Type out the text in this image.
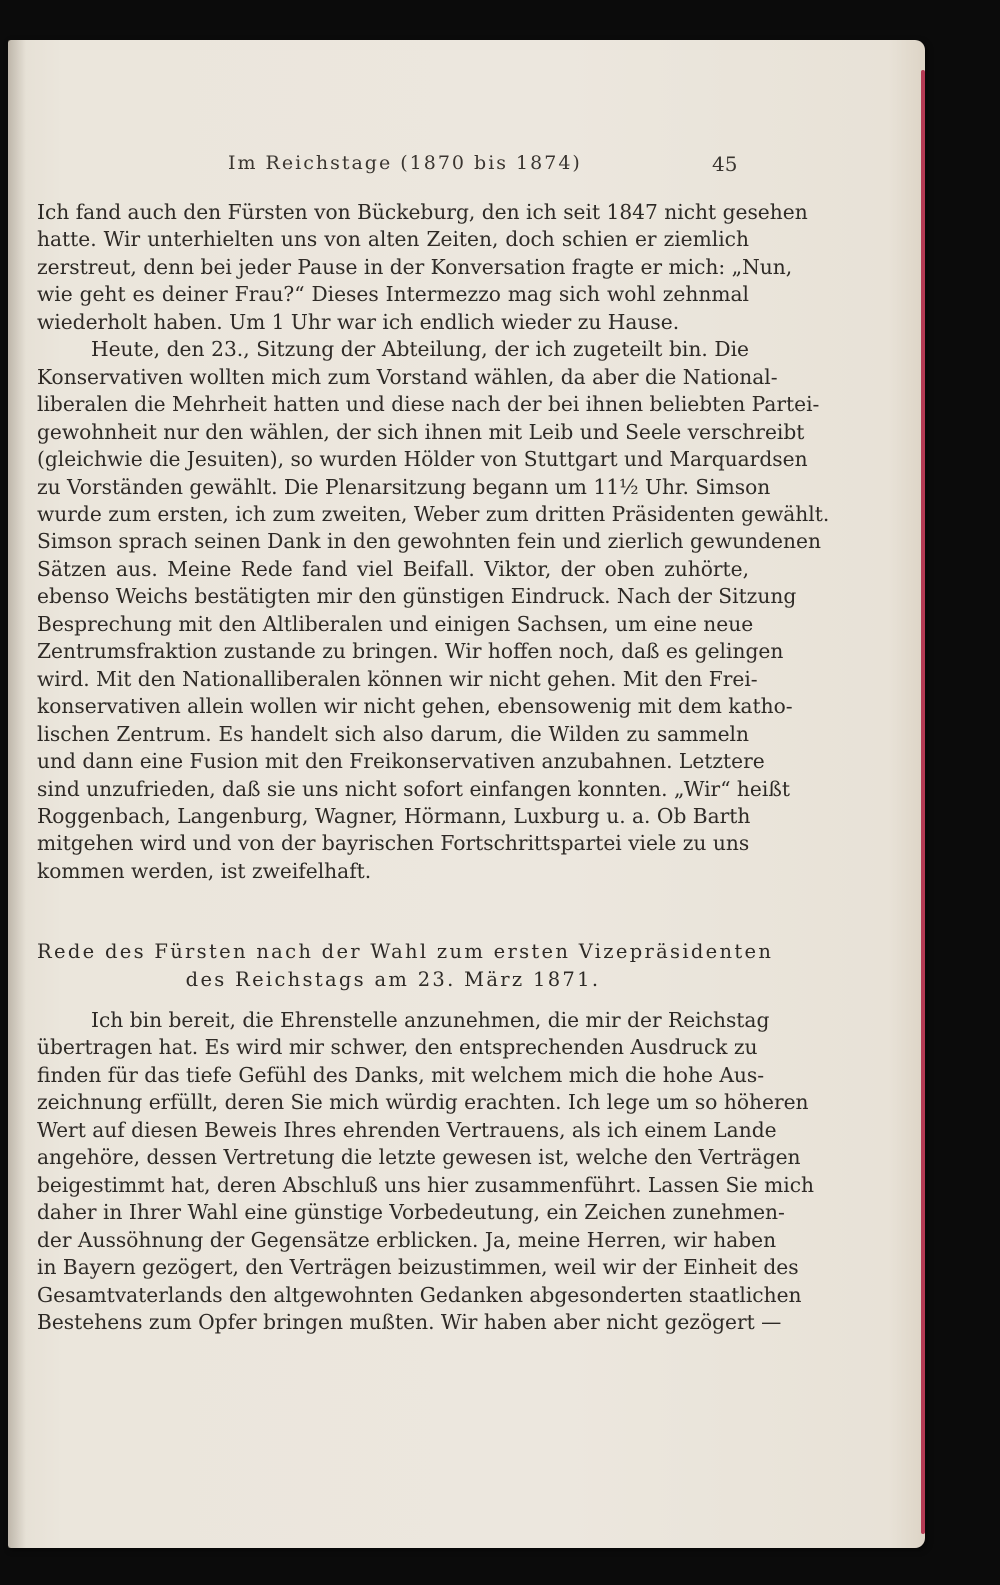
Im Reichstage (1870 bis 1874)	45
Ich fand auch den Fürsten von Bückeburg, den ich seit 1847 nicht gesehen
hatte. Wir unterhielten uns von alten Zeiten, doch schien er ziemlich
zerstreut, denn bei jeder Pause in der Konversation fragte er mich: „Nun,
wie geht es deiner Frau?“ Dieses Intermezzo mag sich wohl zehnmal
wiederholt haben. Um 1 Uhr war ich endlich wieder zu Hause.
Heute, den 23., Sitzung der Abteilung, der ich zugeteilt bin. Die
Konservativen wollten mich zum Vorstand wählen, da aber die National-
liberalen die Mehrheit hatten und diese nach der bei ihnen beliebten Partei-
gewohnheit nur den wählen, der sich ihnen mit Leib und Seele verschreibt
(gleichwie die Jesuiten), so wurden Hölder von Stuttgart und Marquardsen
zu Vorständen gewählt. Die Plenarsitzung begann um 11½ Uhr. Simson
wurde zum ersten, ich zum zweiten, Weber zum dritten Präsidenten gewählt.
Simson sprach seinen Dank in den gewohnten fein und zierlich gewundenen
Sätzen aus. Meine Rede fand viel Beifall. Viktor, der oben zuhörte,
ebenso Weichs bestätigten mir den günstigen Eindruck. Nach der Sitzung
Besprechung mit den Altliberalen und einigen Sachsen, um eine neue
Zentrumsfraktion zustande zu bringen. Wir hoffen noch, daß es gelingen
wird. Mit den Nationalliberalen können wir nicht gehen. Mit den Frei-
konservativen allein wollen wir nicht gehen, ebensowenig mit dem katho-
lischen Zentrum. Es handelt sich also darum, die Wilden zu sammeln
und dann eine Fusion mit den Freikonservativen anzubahnen. Letztere
sind unzufrieden, daß sie uns nicht sofort einfangen konnten. „Wir“ heißt
Roggenbach, Langenburg, Wagner, Hörmann, Luxburg u. a. Ob Barth
mitgehen wird und von der bayrischen Fortschrittspartei viele zu uns
kommen werden, ist zweifelhaft.
Rede des Fürsten nach der Wahl zum ersten Vizepräsidenten
des Reichstags am 23. März 1871.
Ich bin bereit, die Ehrenstelle anzunehmen, die mir der Reichstag
übertragen hat. Es wird mir schwer, den entsprechenden Ausdruck zu
finden für das tiefe Gefühl des Danks, mit welchem mich die hohe Aus-
zeichnung erfüllt, deren Sie mich würdig erachten. Ich lege um so höheren
Wert auf diesen Beweis Ihres ehrenden Vertrauens, als ich einem Lande
angehöre, dessen Vertretung die letzte gewesen ist, welche den Verträgen
beigestimmt hat, deren Abschluß uns hier zusammenführt. Lassen Sie mich
daher in Ihrer Wahl eine günstige Vorbedeutung, ein Zeichen zunehmen-
der Aussöhnung der Gegensätze erblicken. Ja, meine Herren, wir haben
in Bayern gezögert, den Verträgen beizustimmen, weil wir der Einheit des
Gesamtvaterlands den altgewohnten Gedanken abgesonderten staatlichen
Bestehens zum Opfer bringen mußten. Wir haben aber nicht gezögert —
